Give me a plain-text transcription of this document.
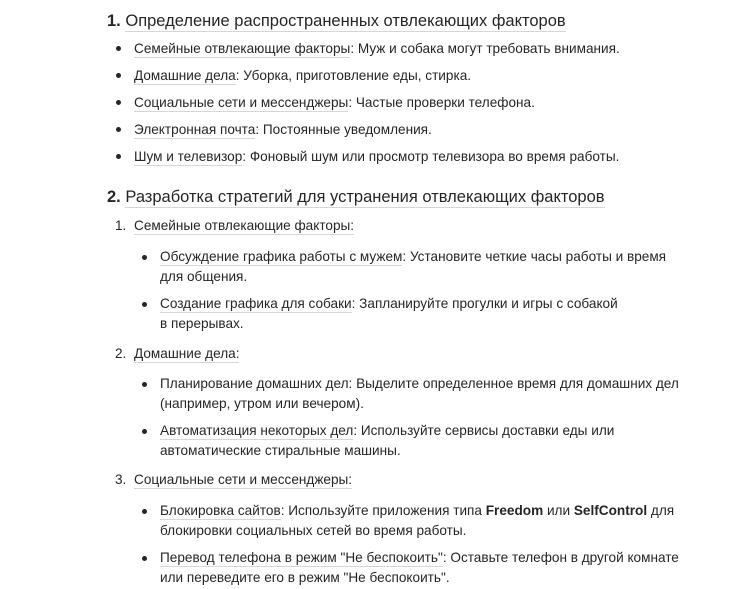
1. Определение распространенных отвлекающих факторов
Семейные отвлекающие факторы: Муж и собака могут требовать внимания.
Домашние дела: Уборка, приготовление еды, стирка.
Социальные сети и мессенджеры: Частые проверки телефона.
Электронная почта: Постоянные уведомления.
Шум и телевизор: Фоновый шум или просмотр телевизора во время работы.
2. Разработка стратегий для устранения отвлекающих факторов
1. Семейные отвлекающие факторы:
Обсуждение графика работы с мужем: Установите четкие часы работы и время
для общения.
Создание графика для собаки: Запланируйте прогулки и игры с собакой
в перерывах.
2. Домашние дела:
Планирование домашних дел: Выделите определенное время для домашних дел
(например, утром или вечером).
Автоматизация некоторых дел: Используйте сервисы доставки еды или
автоматические стиральные машины.
3. Социальные сети и мессенджеры:
Блокировка сайтов: Используйте приложения типа Freedom или SelfControl для
блокировки социальных сетей во время работы.
Перевод телефона в режим "Не беспокоить": Оставьте телефон в другой комнате
или переведите его в режим "Не беспокоить".
